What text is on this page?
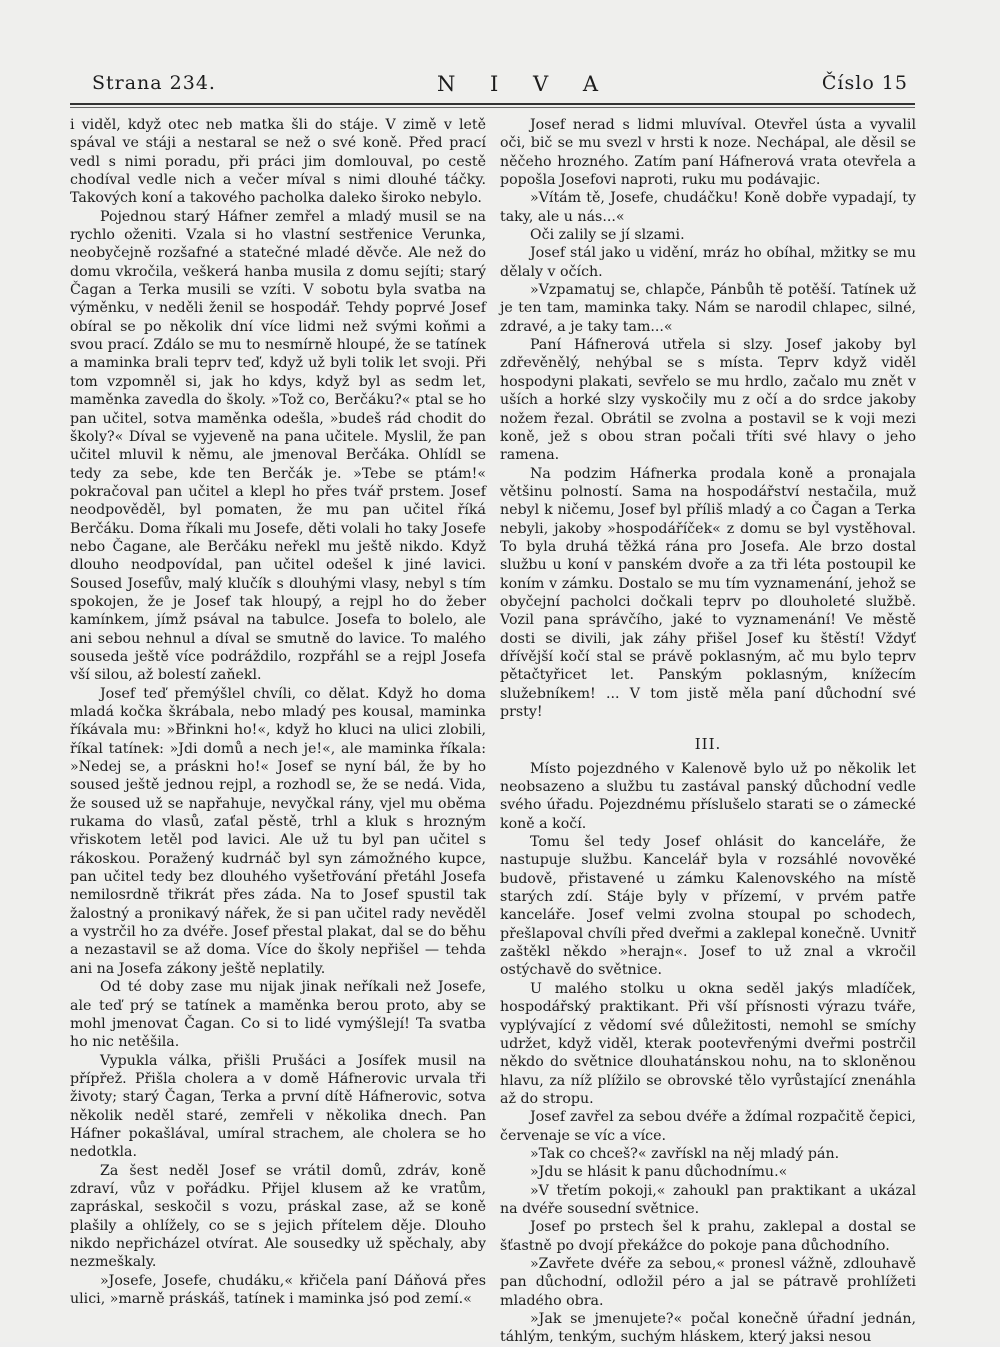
Strana 234.	N I V A	Číslo 15

i viděl, když otec neb matka šli do stáje. V zimě v letě spával ve stáji a nestaral se než o své koně. Před prací vedl s nimi poradu, při práci jim domlouval, po cestě chodíval vedle nich a večer míval s nimi dlouhé táčky. Takových koní a takového pacholka daleko široko nebylo.

Pojednou starý Háfner zemřel a mladý musil se na rychlo oženiti. Vzala si ho vlastní sestřenice Verunka, neobyčejně rozšafné a statečné mladé děvče. Ale než do domu vkročila, veškerá hanba musila z domu sejíti; starý Čagan a Terka musili se vzíti. V sobotu byla svatba na výměnku, v neděli ženil se hospodář. Tehdy poprvé Josef obíral se po několik dní více lidmi než svými koňmi a svou prací. Zdálo se mu to nesmírně hloupé, že se tatínek a maminka brali teprv teď, když už byli tolik let svoji. Při tom vzpomněl si, jak ho kdys, když byl as sedm let, maměnka zavedla do školy. »Tož co, Berčáku?« ptal se ho pan učitel, sotva maměnka odešla, »budeš rád chodit do školy?« Díval se vyjeveně na pana učitele. Myslil, že pan učitel mluvil k němu, ale jmenoval Berčáka. Ohlídl se tedy za sebe, kde ten Berčák je. »Tebe se ptám!« pokračoval pan učitel a klepl ho přes tvář prstem. Josef neodpověděl, byl pomaten, že mu pan učitel říká Berčáku. Doma říkali mu Josefe, děti volali ho taky Josefe nebo Čagane, ale Berčáku neřekl mu ještě nikdo. Když dlouho neodpovídal, pan učitel odešel k jiné lavici. Soused Josefův, malý klučík s dlouhými vlasy, nebyl s tím spokojen, že je Josef tak hloupý, a rejpl ho do žeber kamínkem, jímž psával na tabulce. Josefa to bolelo, ale ani sebou nehnul a díval se smutně do lavice. To malého souseda ještě více podráždilo, rozpřáhl se a rejpl Josefa vší silou, až bolestí zaňekl.

Josef teď přemýšlel chvíli, co dělat. Když ho doma mladá kočka škrábala, nebo mladý pes kousal, maminka říkávala mu: »Břinkni ho!«, když ho kluci na ulici zlobili, říkal tatínek: »Jdi domů a nech je!«, ale maminka říkala: »Nedej se, a prásknі ho!« Josef se nyní bál, že by ho soused ještě jednou rejpl, a rozhodl se, že se nedá. Vida, že soused už se napřahuje, nevyčkal rány, vjel mu oběma rukama do vlasů, zaťal pěstě, trhl a kluk s hrozným vřiskotem letěl pod lavici. Ale už tu byl pan učitel s rákoskou. Poražený kudrnáč byl syn zámožného kupce, pan učitel tedy bez dlouhého vyšetřování přetáhl Josefa nemilosrdně třikrát přes záda. Na to Josef spustil tak žalostný a pronikavý nářek, že si pan učitel rady nevěděl a vystrčil ho za dvéře. Josef přestal plakat, dal se do běhu a nezastavil se až doma. Více do školy nepřišel — tehda ani na Josefa zákony ještě neplatily.

Od té doby zase mu nijak jinak neříkali než Josefe, ale teď prý se tatínek a maměnka berou proto, aby se mohl jmenovat Čagan. Co si to lidé vymýšlejí! Ta svatba ho nic netěšila.

Vypukla válka, přišli Prušáci a Josífek musil na přípřež. Přišla cholera a v domě Háfnerovic urvala tři životy; starý Čagan, Terka a první dítě Háfnerovic, sotva několik neděl staré, zemřeli v několika dnech. Pan Háfner pokašlával, umíral strachem, ale cholera se ho nedotkla.

Za šest neděl Josef se vrátil domů, zdráv, koně zdraví, vůz v pořádku. Přijel klusem až ke vratům, zapráskal, seskočil s vozu, práskal zase, až se koně plašily a ohlížely, co se s jejich přítelem děje. Dlouho nikdo nepřicházel otvírat. Ale sousedky už spěchaly, aby nezmeškaly.

»Josefe, Josefe, chudáku,« křičela paní Dáňová přes ulici, »marně práskáš, tatínek i maminka jsó pod zemí.«

Josef nerad s lidmi mluvíval. Otevřel ústa a vyvalil oči, bič se mu svezl v hrsti k noze. Nechápal, ale děsil se něčeho hrozného. Zatím paní Háfnerová vrata otevřela a popošla Josefovi naproti, ruku mu podávajic.

»Vítám tě, Josefe, chudáčku! Koně dobře vypadají, ty taky, ale u nás...«

Oči zalily se jí slzami.

Josef stál jako u vidění, mráz ho obíhal, mžitky se mu dělaly v očích.

»Vzpamatuj se, chlapče, Pánbůh tě potěší. Tatínek už je ten tam, maminka taky. Nám se narodil chlapec, silné, zdravé, a je taky tam...«

Paní Háfnerová utřela si slzy. Josef jakoby byl zdřevěnělý, nehýbal se s místa. Teprv když viděl hospodyni plakati, sevřelo se mu hrdlo, začalo mu znět v uších a horké slzy vyskočily mu z očí a do srdce jakoby nožem řezal. Obrátil se zvolna a postavil se k voji mezi koně, jež s obou stran počali tříti své hlavy o jeho ramena.

Na podzim Háfnerka prodala koně a pronajala většinu polností. Sama na hospodářství nestačila, muž nebyl k ničemu, Josef byl příliš mladý a co Čagan a Terka nebyli, jakoby »hospodáříček« z domu se byl vystěhoval. To byla druhá těžká rána pro Josefa. Ale brzo dostal službu u koní v panském dvoře a za tři léta postoupil ke koním v zámku. Dostalo se mu tím vyznamenání, jehož se obyčejní pacholci dočkali teprv po dlouholeté službě. Vozil pana správčího, jaké to vyznamenání! Ve městě dosti se divili, jak záhy přišel Josef ku štěstí! Vždyť dřívější kočí stal se právě poklasným, ač mu bylo teprv pětačtyřicet let. Panským poklasným, knížecím služebníkem! ... V tom jistě měla paní důchodní své prsty!

III.

Místo pojezdného v Kalenově bylo už po několik let neobsazeno a službu tu zastával panský důchodní vedle svého úřadu. Pojezdnému příslušelo starati se o zámecké koně a kočí.

Tomu šel tedy Josef ohlásit do kanceláře, že nastupuje službu. Kancelář byla v rozsáhlé novověké budově, přistavené u zámku Kalenovského na místě starých zdí. Stáje byly v přízemí, v prvém patře kanceláře. Josef velmi zvolna stoupal po schodech, přešlapoval chvíli před dveřmi a zaklepal konečně. Uvnitř zaštěkl někdo »herajn«. Josef to už znal a vkročil ostýchavě do světnice.

U malého stolku u okna seděl jakýs mladíček, hospodářský praktikant. Při vší přísnosti výrazu tváře, vyplývající z vědomí své důležitosti, nemohl se smíchy udržet, když viděl, kterak pootevřenými dveřmi postrčil někdo do světnice dlouhatánskou nohu, na to skloněnou hlavu, za níž plížilo se obrovské tělo vyrůstající znenáhla až do stropu.

Josef zavřel za sebou dvéře a ždímal rozpačitě čepici, červenaje se víc a více.

»Tak co chceš?« zavřískl na něj mladý pán.

»Jdu se hlásit k panu důchodnímu.«

»V třetím pokoji,« zahoukl pan praktikant a ukázal na dvéře sousední světnice.

Josef po prstech šel k prahu, zaklepal a dostal se šťastně po dvojí překážce do pokoje pana důchodního.

»Zavřete dvéře za sebou,« pronesl vážně, zdlouhavě pan důchodní, odložil péro a jal se pátravě prohlížeti mladého obra.

»Jak se jmenujete?« počal konečně úřadní jednán, táhlým, tenkým, suchým hláskem, který jaksi nesou
